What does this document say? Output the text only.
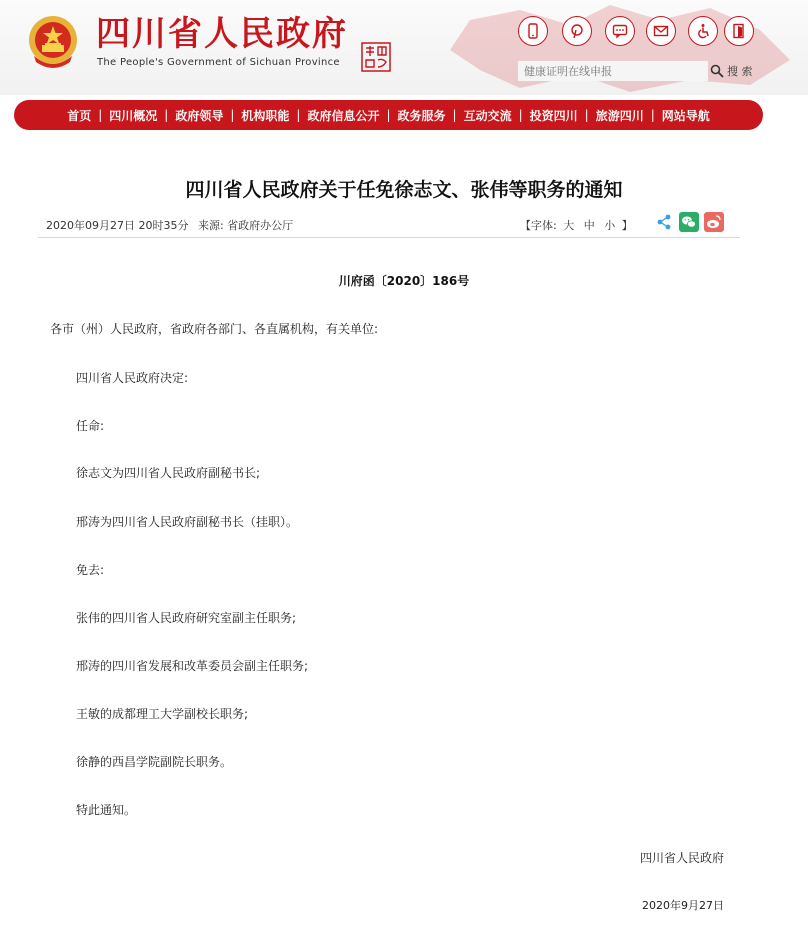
四川省人民政府
The People's Government of Sichuan Province
健康证明在线申报
搜 索
首页 | 四川概况 | 政府领导 | 机构职能 | 政府信息公开 | 政务服务 | 互动交流 | 投资四川 | 旅游四川 | 网站导航
四川省人民政府关于任免徐志文、张伟等职务的通知
2020年09月27日 20时35分 来源: 省政府办公厅	【字体: 大 中 小 】
川府函〔2020〕186号
各市（州）人民政府，省政府各部门、各直属机构，有关单位:
四川省人民政府决定:
任命:
徐志文为四川省人民政府副秘书长;
邢涛为四川省人民政府副秘书长（挂职）。
免去:
张伟的四川省人民政府研究室副主任职务;
邢涛的四川省发展和改革委员会副主任职务;
王敏的成都理工大学副校长职务;
徐静的西昌学院副院长职务。
特此通知。
四川省人民政府
2020年9月27日
